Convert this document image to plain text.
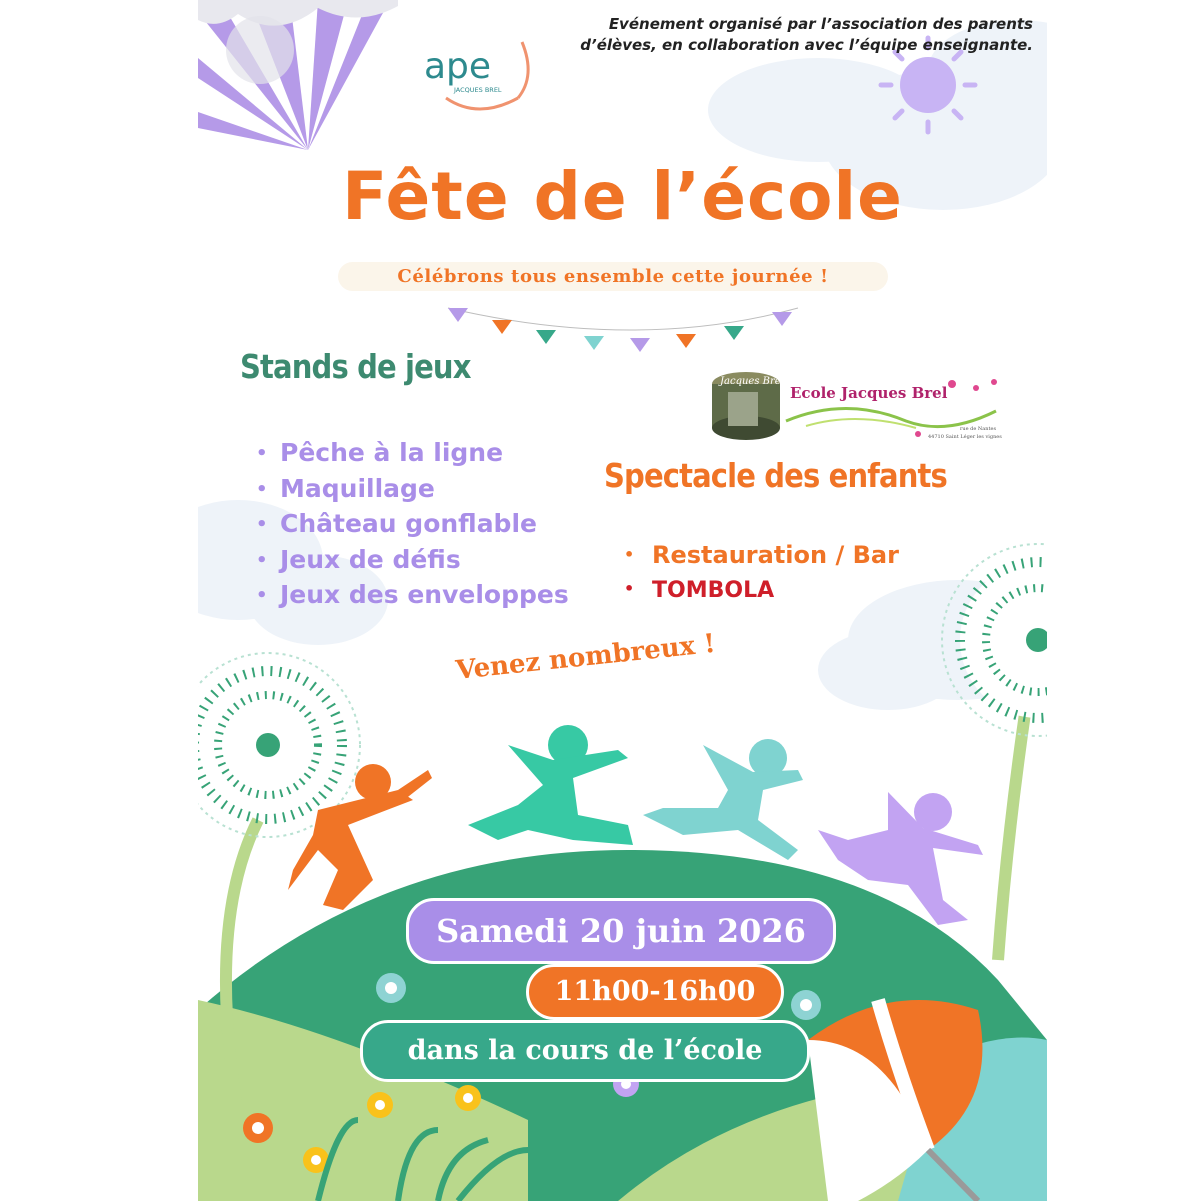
Evénement organisé par l’association des parents d’élèves, en collaboration avec l’équipe enseignante.
ape
JACQUES BREL
Fête de l’école
Célébrons tous ensemble cette journée !
Stands de jeux
• Pêche à la ligne
• Maquillage
• Château gonflable
• Jeux de défis
• Jeux des enveloppes
Jacques Brel
Ecole Jacques Brel
rue de Nantes
44710 Saint Léger les vignes
Spectacle des enfants
• Restauration / Bar
• TOMBOLA
Venez nombreux !
Samedi 20 juin 2026
11h00-16h00
dans la cours de l’école
